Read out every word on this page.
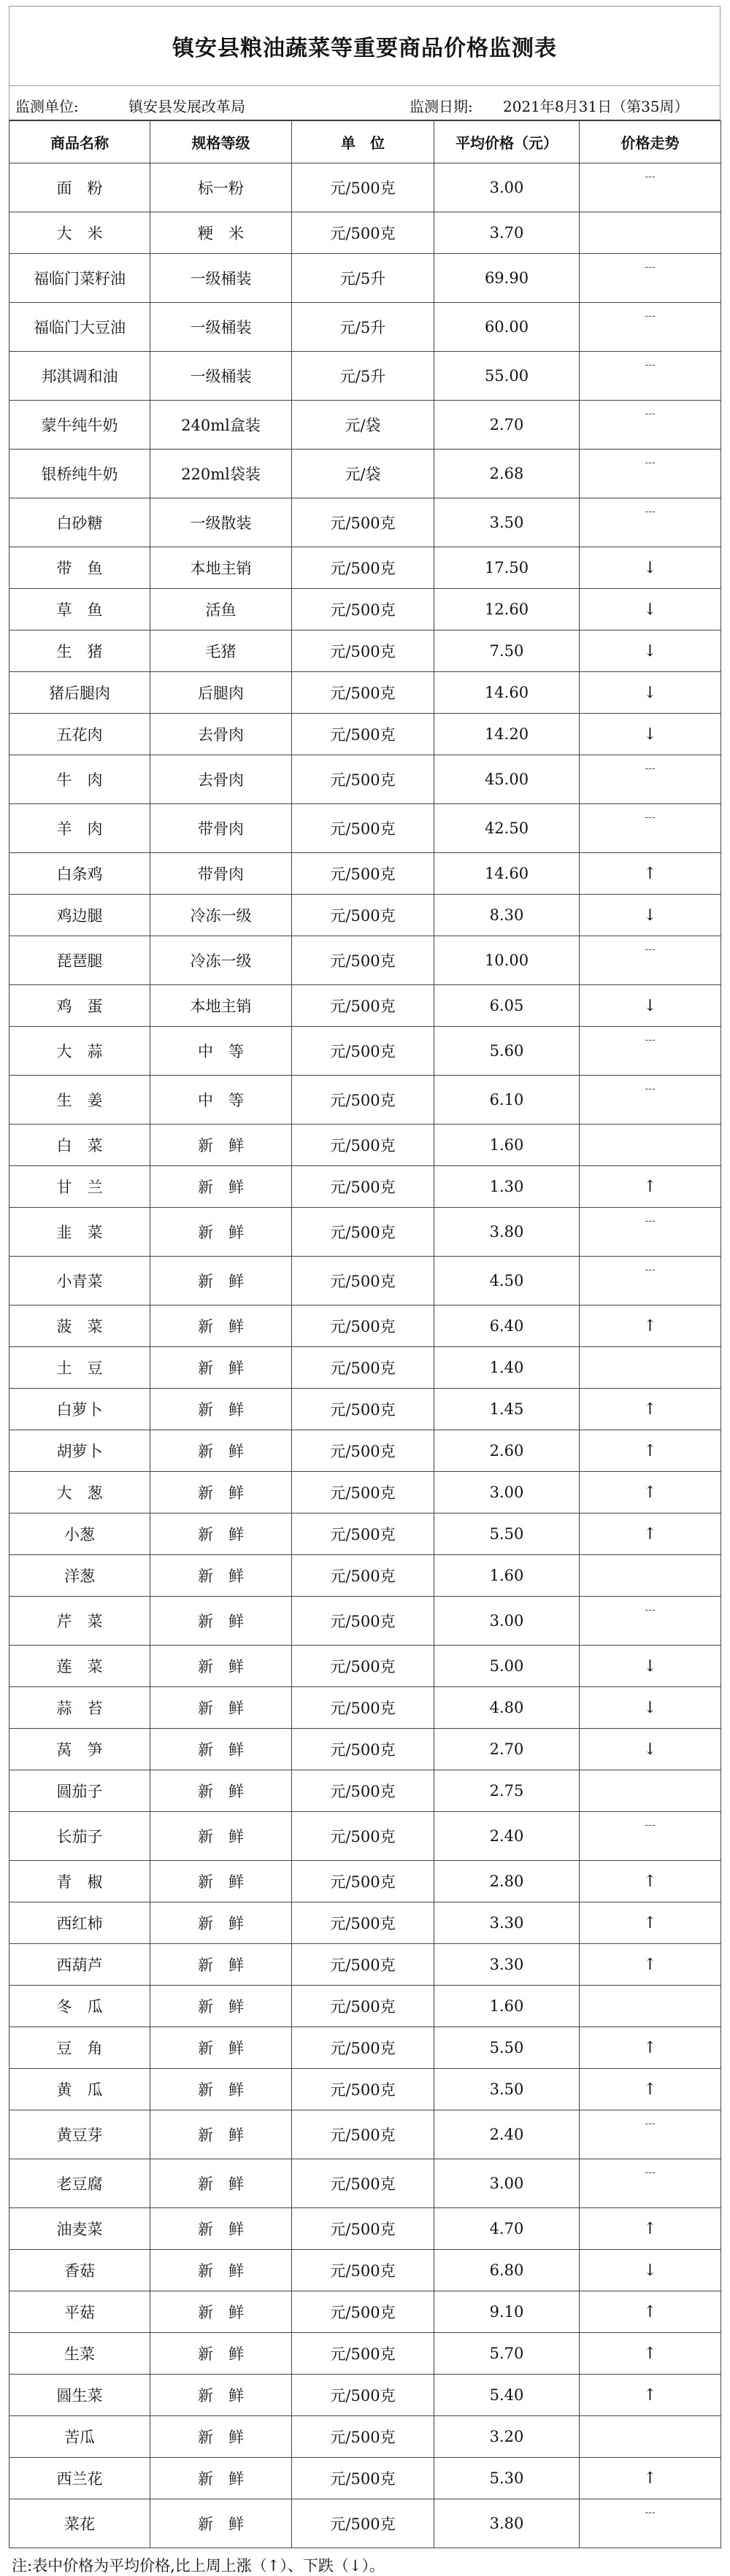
镇安县粮油蔬菜等重要商品价格监测表
监测单位:	镇安县发展改革局	监测日期: 2021年8月31日（第35周）
商品名称	规格等级	单　位	平均价格（元）	价格走势
面　粉	标一粉	元/500克	3.00	---
大　米	粳　米	元/500克	3.70	
福临门菜籽油	一级桶装	元/5升	69.90	---
福临门大豆油	一级桶装	元/5升	60.00	---
邦淇调和油	一级桶装	元/5升	55.00	---
蒙牛纯牛奶	240ml盒装	元/袋	2.70	---
银桥纯牛奶	220ml袋装	元/袋	2.68	---
白砂糖	一级散装	元/500克	3.50	---
带　鱼	本地主销	元/500克	17.50	↓
草　鱼	活鱼	元/500克	12.60	↓
生　猪	毛猪	元/500克	7.50	↓
猪后腿肉	后腿肉	元/500克	14.60	↓
五花肉	去骨肉	元/500克	14.20	↓
牛　肉	去骨肉	元/500克	45.00	---
羊　肉	带骨肉	元/500克	42.50	---
白条鸡	带骨肉	元/500克	14.60	↑
鸡边腿	冷冻一级	元/500克	8.30	↓
琵琶腿	冷冻一级	元/500克	10.00	---
鸡　蛋	本地主销	元/500克	6.05	↓
大　蒜	中　等	元/500克	5.60	---
生　姜	中　等	元/500克	6.10	---
白　菜	新　鲜	元/500克	1.60	
甘　兰	新　鲜	元/500克	1.30	↑
韭　菜	新　鲜	元/500克	3.80	---
小青菜	新　鲜	元/500克	4.50	---
菠　菜	新　鲜	元/500克	6.40	↑
土　豆	新　鲜	元/500克	1.40	
白萝卜	新　鲜	元/500克	1.45	↑
胡萝卜	新　鲜	元/500克	2.60	↑
大　葱	新　鲜	元/500克	3.00	↑
小葱	新　鲜	元/500克	5.50	↑
洋葱	新　鲜	元/500克	1.60	
芹　菜	新　鲜	元/500克	3.00	---
莲　菜	新　鲜	元/500克	5.00	↓
蒜　苔	新　鲜	元/500克	4.80	↓
莴　笋	新　鲜	元/500克	2.70	↓
圆茄子	新　鲜	元/500克	2.75	
长茄子	新　鲜	元/500克	2.40	---
青　椒	新　鲜	元/500克	2.80	↑
西红柿	新　鲜	元/500克	3.30	↑
西葫芦	新　鲜	元/500克	3.30	↑
冬　瓜	新　鲜	元/500克	1.60	
豆　角	新　鲜	元/500克	5.50	↑
黄　瓜	新　鲜	元/500克	3.50	↑
黄豆芽	新　鲜	元/500克	2.40	---
老豆腐	新　鲜	元/500克	3.00	---
油麦菜	新　鲜	元/500克	4.70	↑
香菇	新　鲜	元/500克	6.80	↓
平菇	新　鲜	元/500克	9.10	↑
生菜	新　鲜	元/500克	5.70	↑
圆生菜	新　鲜	元/500克	5.40	↑
苦瓜	新　鲜	元/500克	3.20	
西兰花	新　鲜	元/500克	5.30	↑
菜花	新　鲜	元/500克	3.80	---
注:表中价格为平均价格,比上周上涨（↑）、下跌（↓）。
